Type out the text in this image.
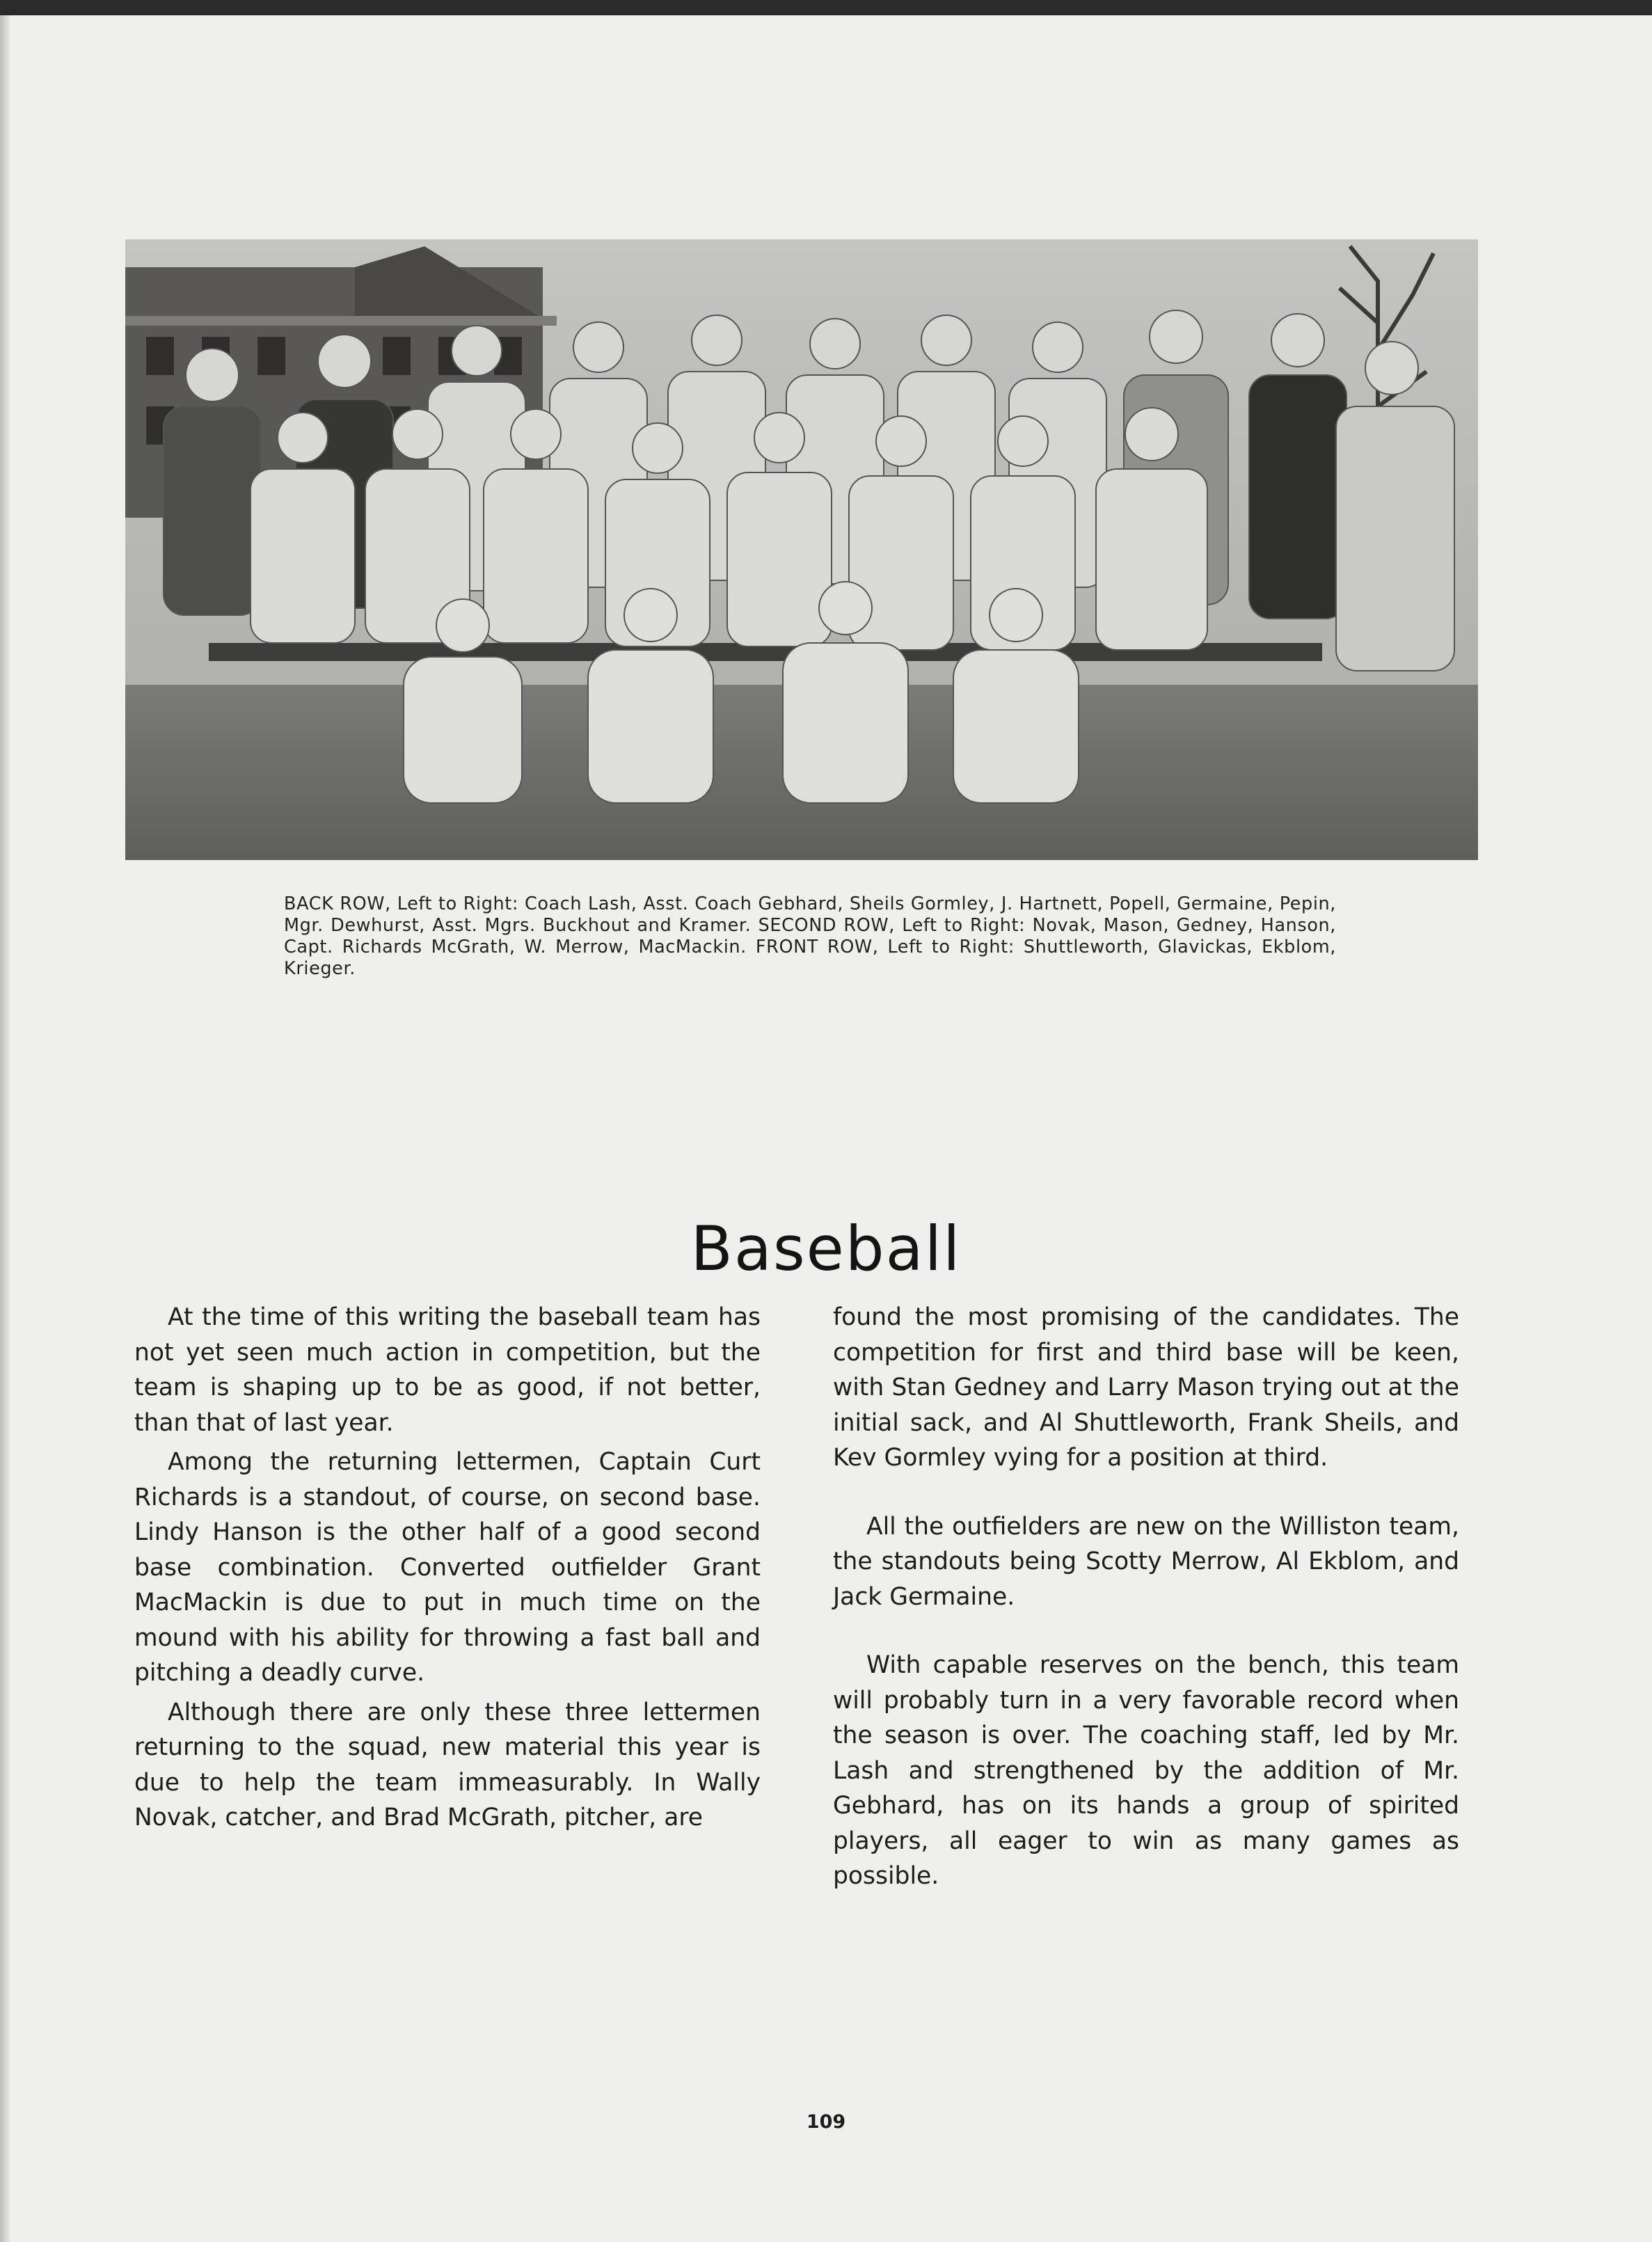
BACK ROW, Left to Right: Coach Lash, Asst. Coach Gebhard, Sheils Gormley, J. Hartnett, Popell, Germaine, Pepin, Mgr. Dewhurst, Asst. Mgrs. Buckhout and Kramer. SECOND ROW, Left to Right: Novak, Mason, Gedney, Hanson, Capt. Richards McGrath, W. Merrow, MacMackin. FRONT ROW, Left to Right: Shuttleworth, Glavickas, Ekblom, Krieger.
Baseball

At the time of this writing the baseball team has not yet seen much action in competition, but the team is shaping up to be as good, if not better, than that of last year.

Among the returning lettermen, Captain Curt Richards is a standout, of course, on second base. Lindy Hanson is the other half of a good second base combination. Converted outfielder Grant MacMackin is due to put in much time on the mound with his ability for throwing a fast ball and pitching a deadly curve.

Although there are only these three lettermen returning to the squad, new material this year is due to help the team immeasurably. In Wally Novak, catcher, and Brad McGrath, pitcher, are

found the most promising of the candidates. The competition for first and third base will be keen, with Stan Gedney and Larry Mason trying out at the initial sack, and Al Shuttleworth, Frank Sheils, and Kev Gormley vying for a position at third.

All the outfielders are new on the Williston team, the standouts being Scotty Merrow, Al Ekblom, and Jack Germaine.

With capable reserves on the bench, this team will probably turn in a very favorable record when the season is over. The coaching staff, led by Mr. Lash and strengthened by the addition of Mr. Gebhard, has on its hands a group of spirited players, all eager to win as many games as possible.

109
